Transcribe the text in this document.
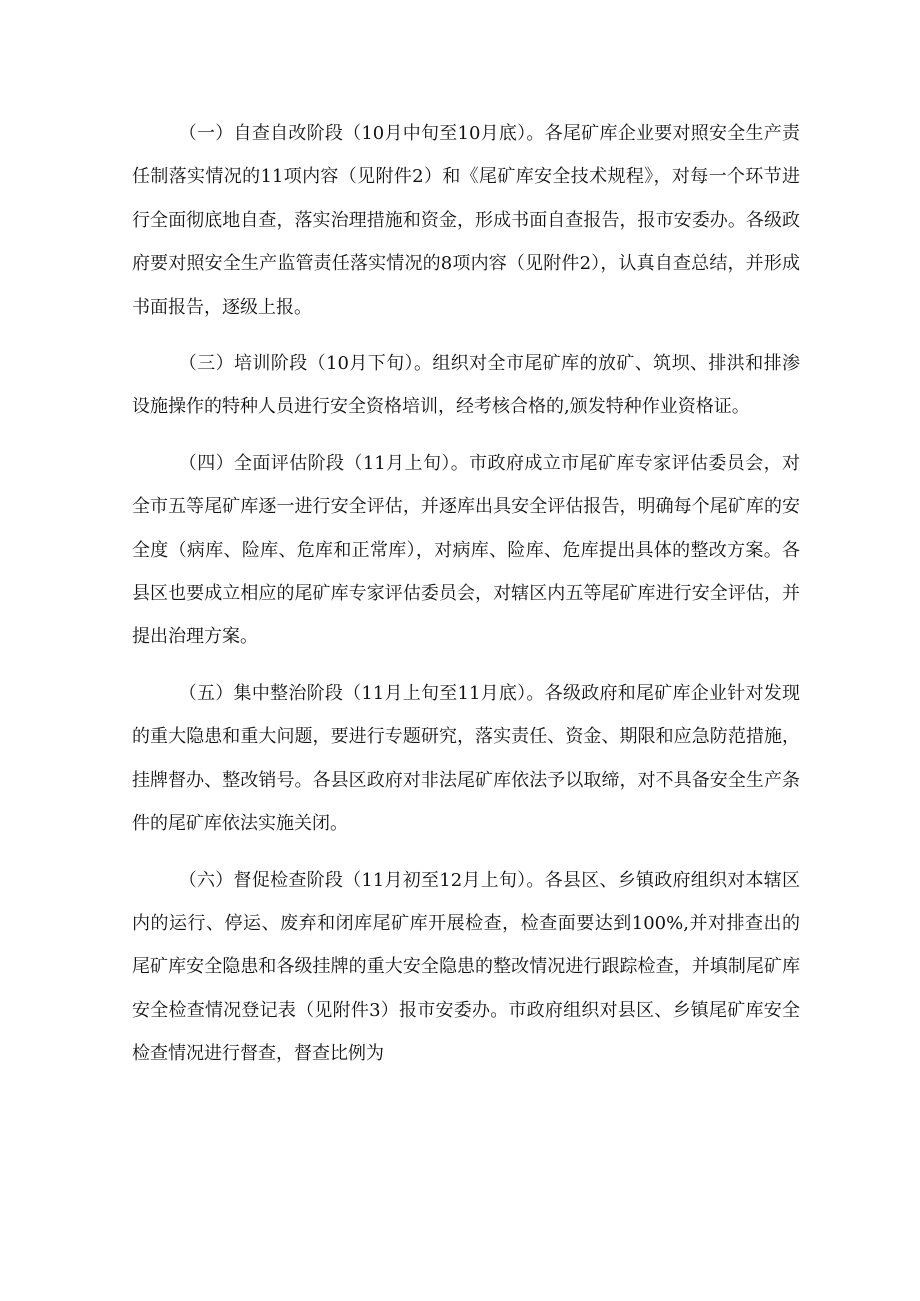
（一）自查自改阶段（10月中旬至10月底）。各尾矿库企业要对照安全生产责任制落实情况的11项内容（见附件2）和《尾矿库安全技术规程》，对每一个环节进行全面彻底地自查，落实治理措施和资金，形成书面自查报告，报市安委办。各级政府要对照安全生产监管责任落实情况的8项内容（见附件2），认真自查总结，并形成书面报告，逐级上报。

（三）培训阶段（10月下旬）。组织对全市尾矿库的放矿、筑坝、排洪和排渗设施操作的特种人员进行安全资格培训，经考核合格的,颁发特种作业资格证。

（四）全面评估阶段（11月上旬）。市政府成立市尾矿库专家评估委员会，对全市五等尾矿库逐一进行安全评估，并逐库出具安全评估报告，明确每个尾矿库的安全度（病库、险库、危库和正常库），对病库、险库、危库提出具体的整改方案。各县区也要成立相应的尾矿库专家评估委员会，对辖区内五等尾矿库进行安全评估，并提出治理方案。

（五）集中整治阶段（11月上旬至11月底）。各级政府和尾矿库企业针对发现的重大隐患和重大问题，要进行专题研究，落实责任、资金、期限和应急防范措施，挂牌督办、整改销号。各县区政府对非法尾矿库依法予以取缔，对不具备安全生产条件的尾矿库依法实施关闭。

（六）督促检查阶段（11月初至12月上旬）。各县区、乡镇政府组织对本辖区内的运行、停运、废弃和闭库尾矿库开展检查，检查面要达到100%,并对排查出的尾矿库安全隐患和各级挂牌的重大安全隐患的整改情况进行跟踪检查，并填制尾矿库安全检查情况登记表（见附件3）报市安委办。市政府组织对县区、乡镇尾矿库安全检查情况进行督查，督查比例为
